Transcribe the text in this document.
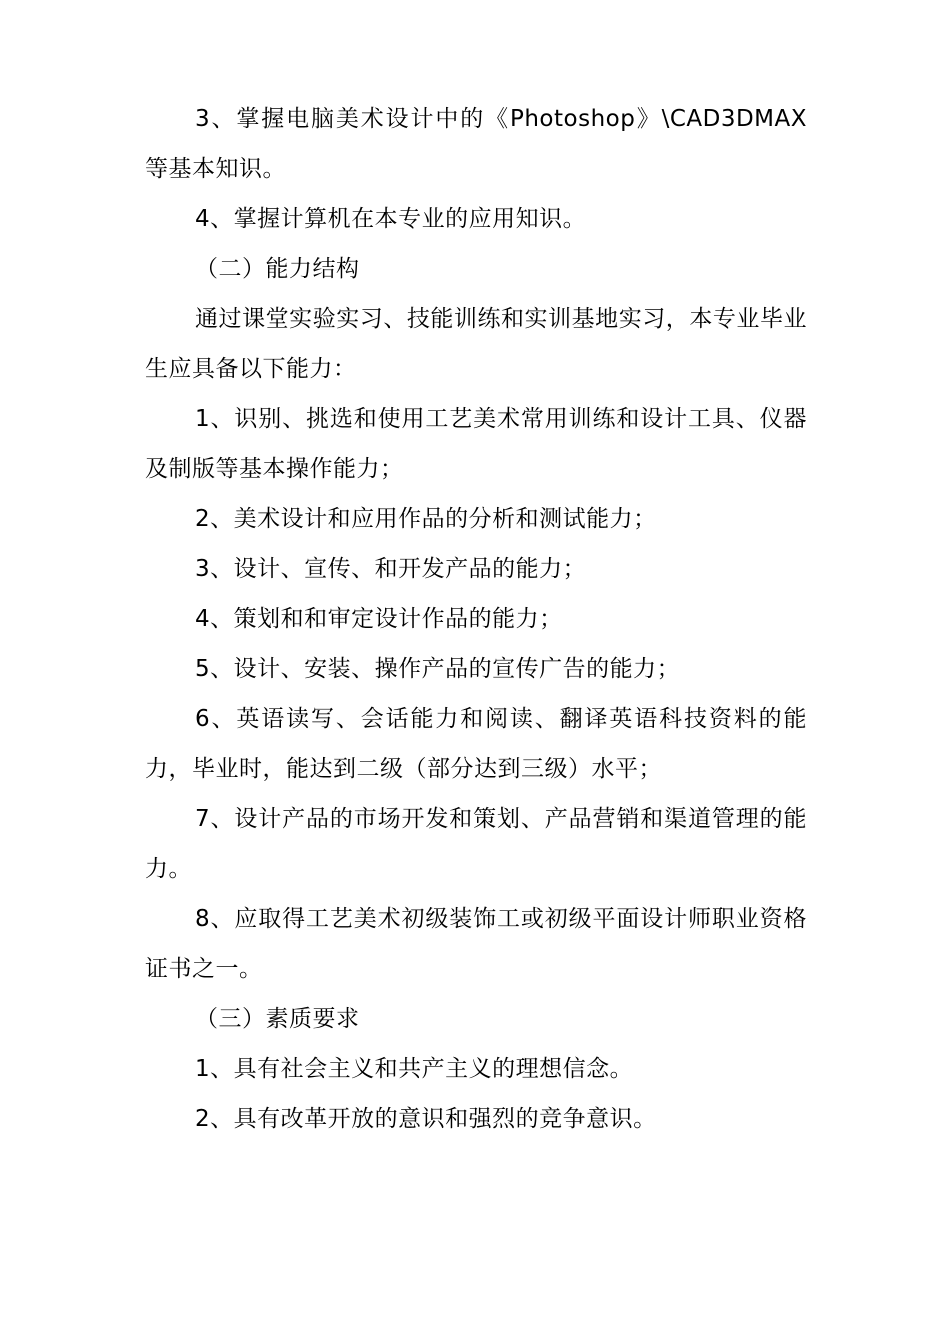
3、掌握电脑美术设计中的《Photoshop》\CAD3DMAX等基本知识。

4、掌握计算机在本专业的应用知识。

（二）能力结构

通过课堂实验实习、技能训练和实训基地实习，本专业毕业生应具备以下能力：

1、识别、挑选和使用工艺美术常用训练和设计工具、仪器及制版等基本操作能力；

2、美术设计和应用作品的分析和测试能力；

3、设计、宣传、和开发产品的能力；

4、策划和和审定设计作品的能力；

5、设计、安装、操作产品的宣传广告的能力；

6、英语读写、会话能力和阅读、翻译英语科技资料的能力，毕业时，能达到二级（部分达到三级）水平；

7、设计产品的市场开发和策划、产品营销和渠道管理的能力。

8、应取得工艺美术初级装饰工或初级平面设计师职业资格证书之一。

（三）素质要求

1、具有社会主义和共产主义的理想信念。

2、具有改革开放的意识和强烈的竞争意识。
